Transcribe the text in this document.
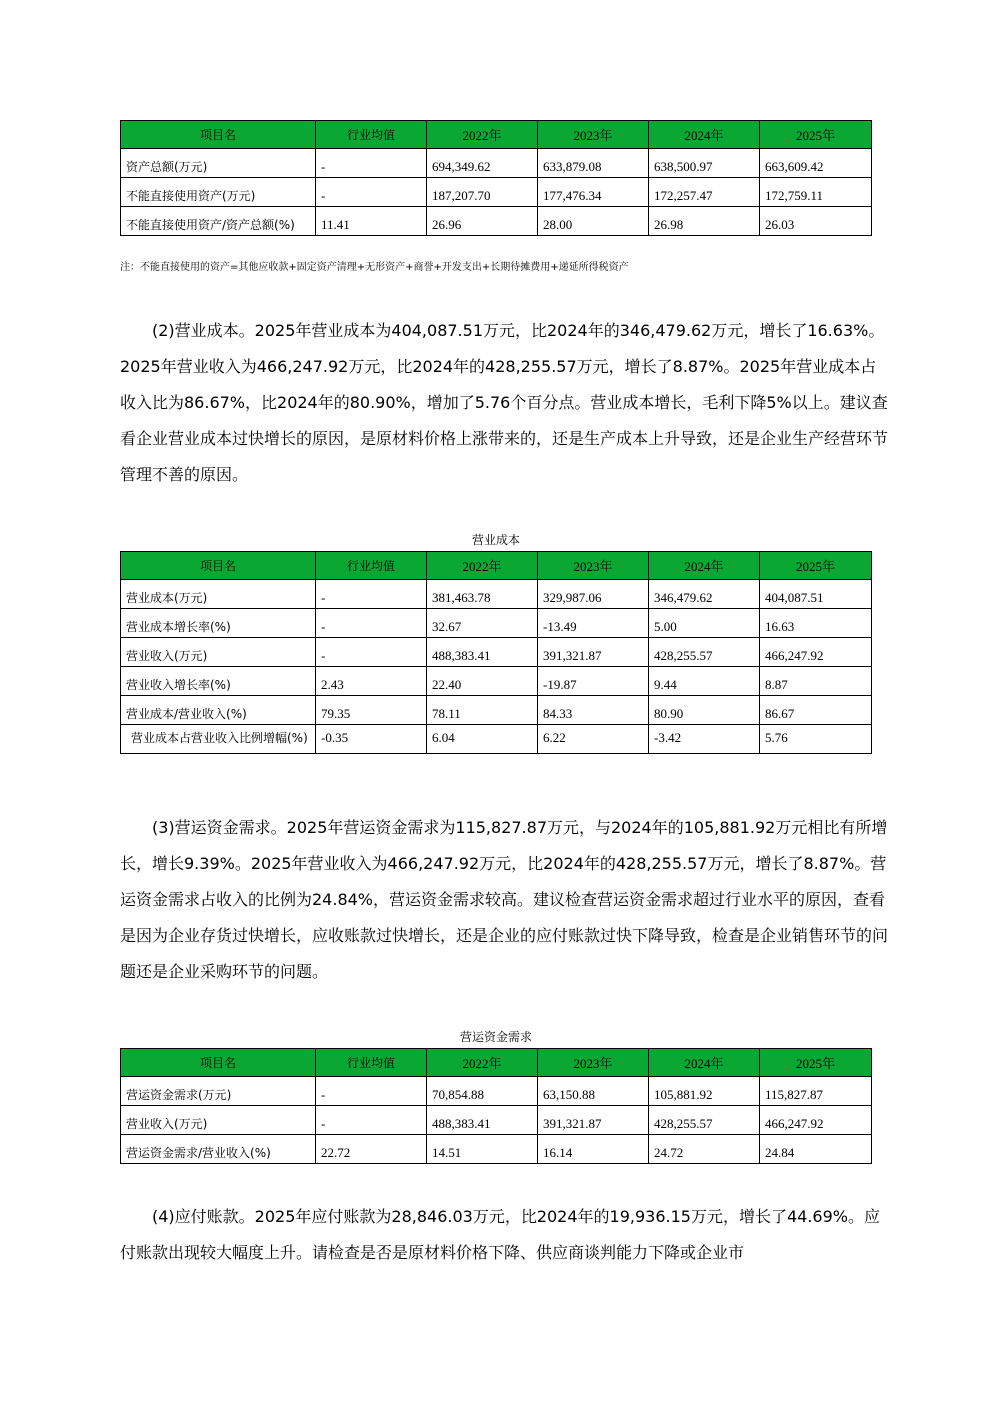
项目名	行业均值	2022年	2023年	2024年	2025年
资产总额(万元)	-	694,349.62	633,879.08	638,500.97	663,609.42
不能直接使用资产(万元)	-	187,207.70	177,476.34	172,257.47	172,759.11
不能直接使用资产/资产总额(%)	11.41	26.96	28.00	26.98	26.03
注：不能直接使用的资产=其他应收款+固定资产清理+无形资产+商誉+开发支出+长期待摊费用+递延所得税资产

(2)营业成本。2025年营业成本为404,087.51万元，比2024年的346,479.62万元，增长了16.63%。2025年营业收入为466,247.92万元，比2024年的428,255.57万元，增长了8.87%。2025年营业成本占收入比为86.67%，比2024年的80.90%，增加了5.76个百分点。营业成本增长，毛利下降5%以上。建议查看企业营业成本过快增长的原因，是原材料价格上涨带来的，还是生产成本上升导致，还是企业生产经营环节管理不善的原因。

营业成本
项目名	行业均值	2022年	2023年	2024年	2025年
营业成本(万元)	-	381,463.78	329,987.06	346,479.62	404,087.51
营业成本增长率(%)	-	32.67	-13.49	5.00	16.63
营业收入(万元)	-	488,383.41	391,321.87	428,255.57	466,247.92
营业收入增长率(%)	2.43	22.40	-19.87	9.44	8.87
营业成本/营业收入(%)	79.35	78.11	84.33	80.90	86.67
营业成本占营业收入比例增幅(%)	-0.35	6.04	6.22	-3.42	5.76

(3)营运资金需求。2025年营运资金需求为115,827.87万元，与2024年的105,881.92万元相比有所增长，增长9.39%。2025年营业收入为466,247.92万元，比2024年的428,255.57万元，增长了8.87%。营运资金需求占收入的比例为24.84%，营运资金需求较高。建议检查营运资金需求超过行业水平的原因，查看是因为企业存货过快增长，应收账款过快增长，还是企业的应付账款过快下降导致，检查是企业销售环节的问题还是企业采购环节的问题。

营运资金需求
项目名	行业均值	2022年	2023年	2024年	2025年
营运资金需求(万元)	-	70,854.88	63,150.88	105,881.92	115,827.87
营业收入(万元)	-	488,383.41	391,321.87	428,255.57	466,247.92
营运资金需求/营业收入(%)	22.72	14.51	16.14	24.72	24.84

(4)应付账款。2025年应付账款为28,846.03万元，比2024年的19,936.15万元，增长了44.69%。应付账款出现较大幅度上升。请检查是否是原材料价格下降、供应商谈判能力下降或企业市
